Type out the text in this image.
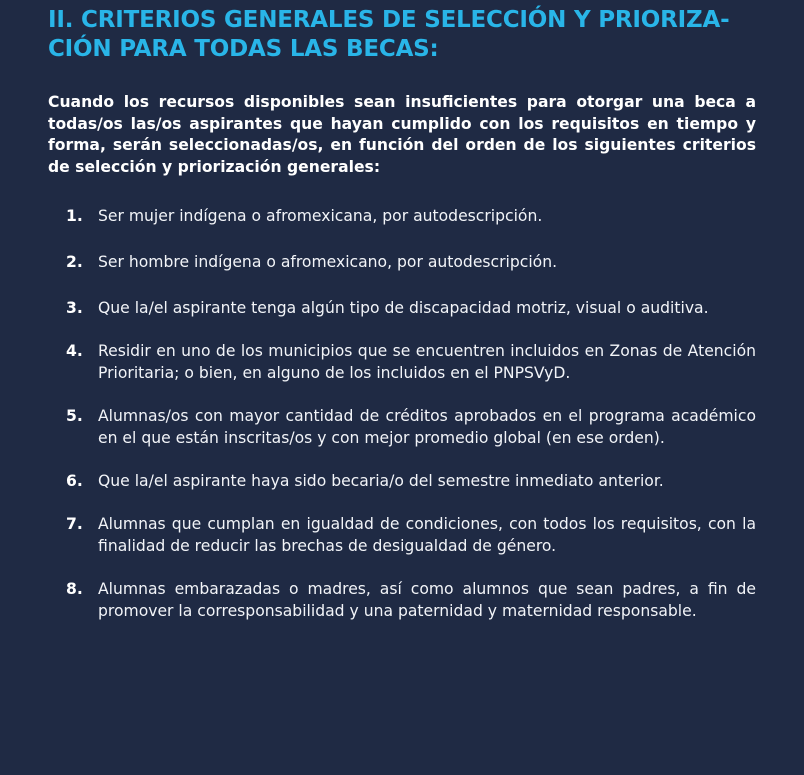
II. CRITERIOS GENERALES DE SELECCIÓN Y PRIORIZA- CIÓN PARA TODAS LAS BECAS:

Cuando los recursos disponibles sean insuficientes para otorgar una beca a todas/os las/os aspirantes que hayan cumplido con los requisitos en tiempo y forma, serán seleccionadas/os, en función del orden de los siguientes criterios de selección y priorización generales:

1. Ser mujer indígena o afromexicana, por autodescripción.
2. Ser hombre indígena o afromexicano, por autodescripción.
3. Que la/el aspirante tenga algún tipo de discapacidad motriz, visual o auditiva.
4. Residir en uno de los municipios que se encuentren incluidos en Zonas de Atención Prioritaria; o bien, en alguno de los incluidos en el PNPSVyD.
5. Alumnas/os con mayor cantidad de créditos aprobados en el programa académico en el que están inscritas/os y con mejor promedio global (en ese orden).
6. Que la/el aspirante haya sido becaria/o del semestre inmediato anterior.
7. Alumnas que cumplan en igualdad de condiciones, con todos los requisitos, con la finalidad de reducir las brechas de desigualdad de género.
8. Alumnas embarazadas o madres, así como alumnos que sean padres, a fin de promover la corresponsabilidad y una paternidad y maternidad responsable.
